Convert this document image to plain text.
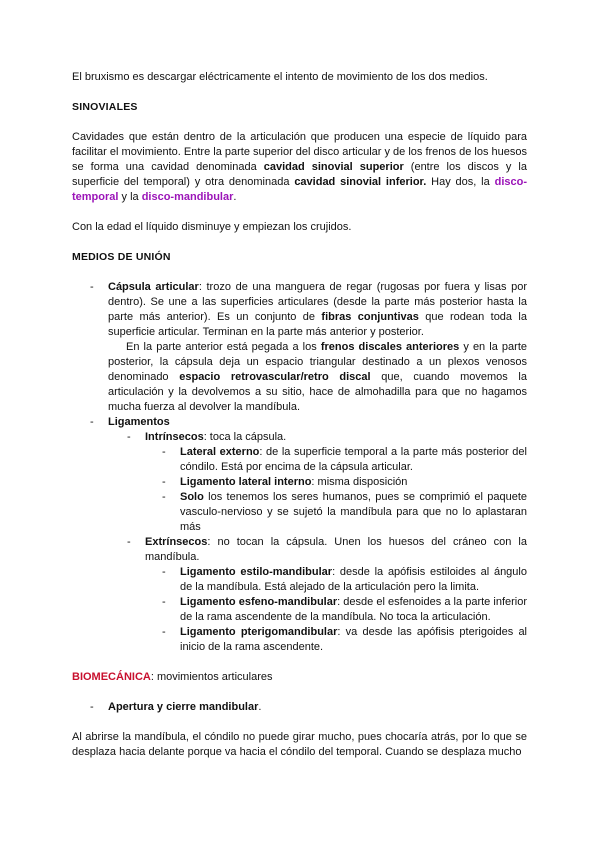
El bruxismo es descargar eléctricamente el intento de movimiento de los dos medios.

SINOVIALES

Cavidades que están dentro de la articulación que producen una especie de líquido para facilitar el movimiento. Entre la parte superior del disco articular y de los frenos de los huesos se forma una cavidad denominada cavidad sinovial superior (entre los discos y la superficie del temporal) y otra denominada cavidad sinovial inferior. Hay dos, la disco-temporal y la disco-mandibular.

Con la edad el líquido disminuye y empiezan los crujidos.

MEDIOS DE UNIÓN

-	Cápsula articular: trozo de una manguera de regar (rugosas por fuera y lisas por dentro). Se une a las superficies articulares (desde la parte más posterior hasta la parte más anterior). Es un conjunto de fibras conjuntivas que rodean toda la superficie articular. Terminan en la parte más anterior y posterior.

En la parte anterior está pegada a los frenos discales anteriores y en la parte posterior, la cápsula deja un espacio triangular destinado a un plexos venosos denominado espacio retrovascular/retro discal que, cuando movemos la articulación y la devolvemos a su sitio, hace de almohadilla para que no hagamos mucha fuerza al devolver la mandíbula.

-	Ligamentos
-	Intrínsecos: toca la cápsula.
-	Lateral externo: de la superficie temporal a la parte más posterior del cóndilo. Está por encima de la cápsula articular.
-	Ligamento lateral interno: misma disposición
-	Solo los tenemos los seres humanos, pues se comprimió el paquete vasculo-nervioso y se sujetó la mandíbula para que no lo aplastaran más
-	Extrínsecos: no tocan la cápsula. Unen los huesos del cráneo con la mandíbula.
-	Ligamento estilo-mandibular: desde la apófisis estiloides al ángulo de la mandíbula. Está alejado de la articulación pero la limita.
-	Ligamento esfeno-mandibular: desde el esfenoides a la parte inferior de la rama ascendente de la mandíbula. No toca la articulación.
-	Ligamento pterigomandibular: va desde las apófisis pterigoides al inicio de la rama ascendente.

BIOMECÁNICA: movimientos articulares

-	Apertura y cierre mandibular.

Al abrirse la mandíbula, el cóndilo no puede girar mucho, pues chocaría atrás, por lo que se desplaza hacia delante porque va hacia el cóndilo del temporal. Cuando se desplaza mucho
